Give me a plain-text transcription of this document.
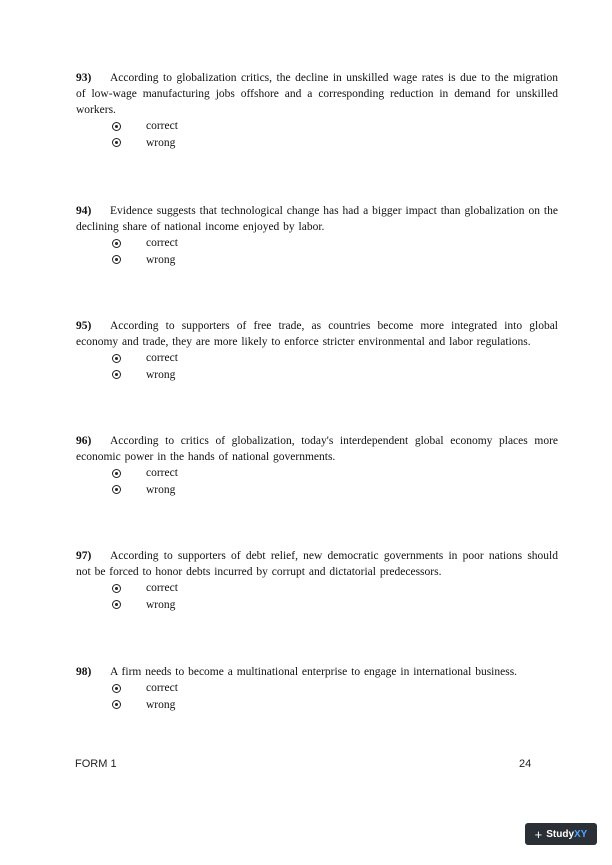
93) According to globalization critics, the decline in unskilled wage rates is due to the migration of low-wage manufacturing jobs offshore and a corresponding reduction in demand for unskilled workers.

correct
wrong

94) Evidence suggests that technological change has had a bigger impact than globalization on the declining share of national income enjoyed by labor.

correct
wrong

95) According to supporters of free trade, as countries become more integrated into global economy and trade, they are more likely to enforce stricter environmental and labor regulations.

correct
wrong

96) According to critics of globalization, today's interdependent global economy places more economic power in the hands of national governments.

correct
wrong

97) According to supporters of debt relief, new democratic governments in poor nations should not be forced to honor debts incurred by corrupt and dictatorial predecessors.

correct
wrong

98) A firm needs to become a multinational enterprise to engage in international business.

correct
wrong
FORM 1	24
+ Study XY
